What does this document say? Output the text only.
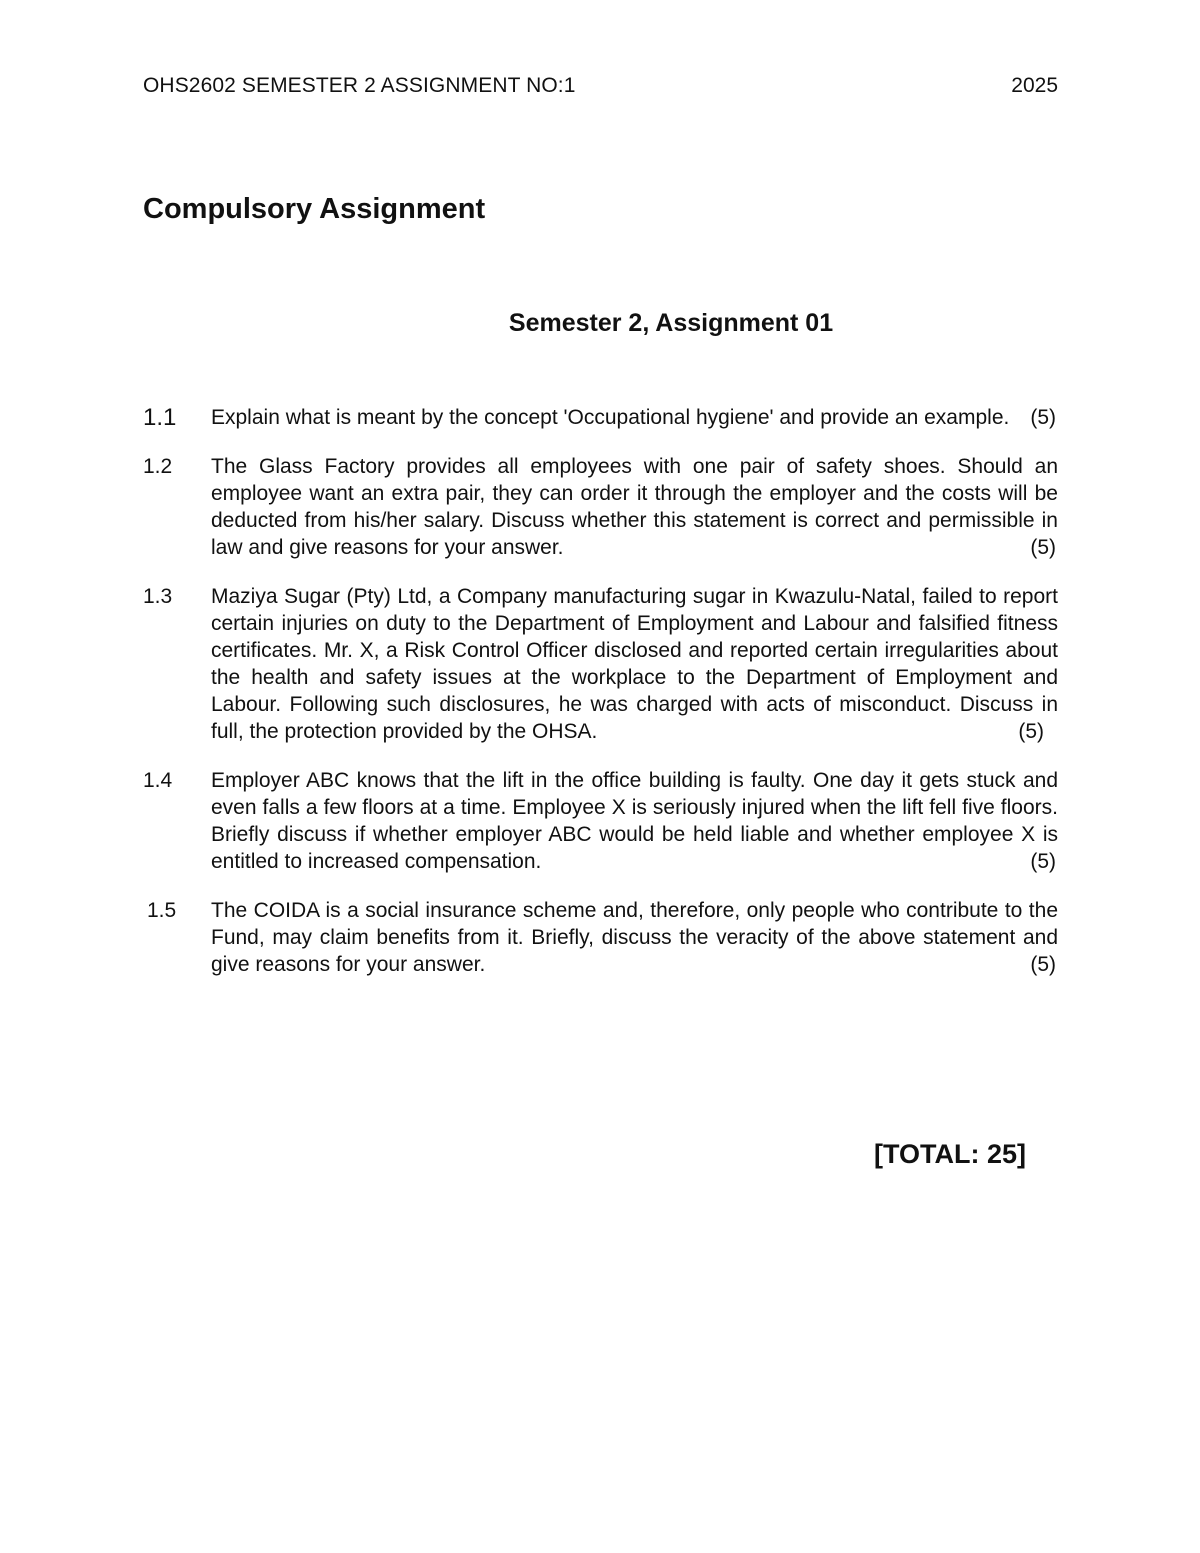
OHS2602 SEMESTER 2 ASSIGNMENT NO:1	2025
Compulsory Assignment
Semester 2, Assignment 01
1.1 Explain what is meant by the concept 'Occupational hygiene' and provide an example. (5)
1.2 The Glass Factory provides all employees with one pair of safety shoes. Should an employee want an extra pair, they can order it through the employer and the costs will be deducted from his/her salary. Discuss whether this statement is correct and permissible in law and give reasons for your answer.	(5)
1.3 Maziya Sugar (Pty) Ltd, a Company manufacturing sugar in Kwazulu-Natal, failed to report certain injuries on duty to the Department of Employment and Labour and falsified fitness certificates. Mr. X, a Risk Control Officer disclosed and reported certain irregularities about the health and safety issues at the workplace to the Department of Employment and Labour. Following such disclosures, he was charged with acts of misconduct. Discuss in full, the protection provided by the OHSA.	(5)
1.4 Employer ABC knows that the lift in the office building is faulty. One day it gets stuck and even falls a few floors at a time. Employee X is seriously injured when the lift fell five floors. Briefly discuss if whether employer ABC would be held liable and whether employee X is entitled to increased compensation.	(5)
1.5 The COIDA is a social insurance scheme and, therefore, only people who contribute to the Fund, may claim benefits from it. Briefly, discuss the veracity of the above statement and give reasons for your answer.	(5)
[TOTAL: 25]
